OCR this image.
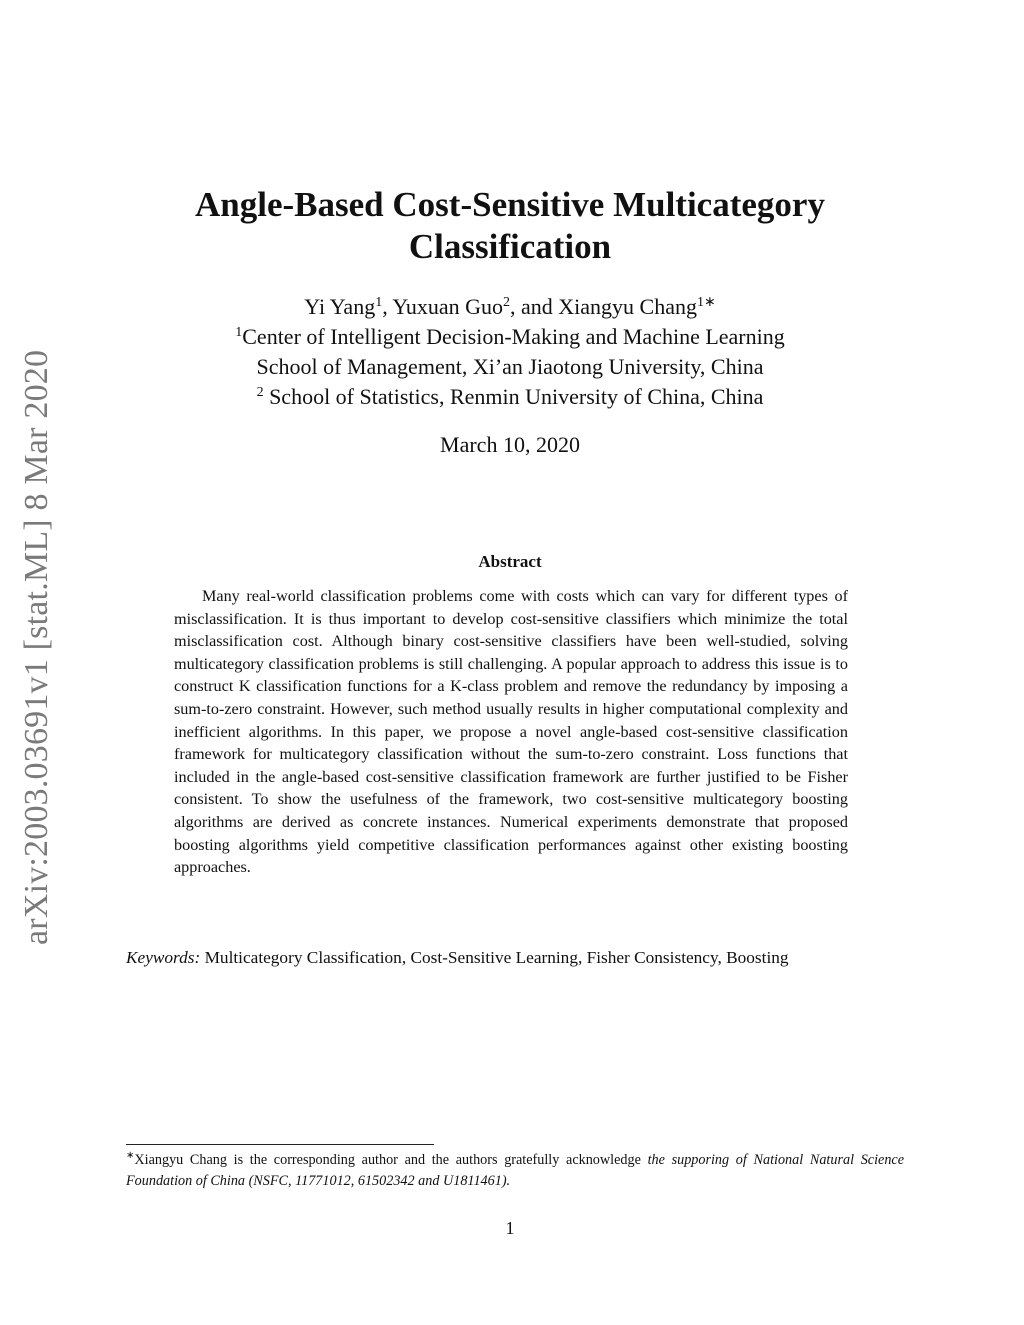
arXiv:2003.03691v1 [stat.ML] 8 Mar 2020
Angle-Based Cost-Sensitive Multicategory
Classification
Yi Yang$^1$, Yuxuan Guo$^2$, and Xiangyu Chang$^{1∗}$
$^1$Center of Intelligent Decision-Making and Machine Learning
School of Management, Xi’an Jiaotong University, China
$^2$ School of Statistics, Renmin University of China, China
March 10, 2020
Abstract

Many real-world classification problems come with costs which can vary for different types of misclassification. It is thus important to develop cost-sensitive classifiers which minimize the total misclassification cost. Although binary cost-sensitive classifiers have been well-studied, solving multicategory classification problems is still challenging. A popular approach to address this issue is to construct K classification functions for a K-class problem and remove the redundancy by imposing a sum-to-zero constraint. However, such method usually results in higher computational complexity and inefficient algorithms. In this paper, we propose a novel angle-based cost-sensitive classification framework for multicategory classification without the sum-to-zero constraint. Loss functions that included in the angle-based cost-sensitive classification framework are further justified to be Fisher consistent. To show the usefulness of the framework, two cost-sensitive multicategory boosting algorithms are derived as concrete instances. Numerical experiments demonstrate that proposed boosting algorithms yield competitive classification performances against other existing boosting approaches.

Keywords: Multicategory Classification, Cost-Sensitive Learning, Fisher Consistency, Boosting

∗Xiangyu Chang is the corresponding author and the authors gratefully acknowledge the supporing of National Natural Science Foundation of China (NSFC, 11771012, 61502342 and U1811461).

1
